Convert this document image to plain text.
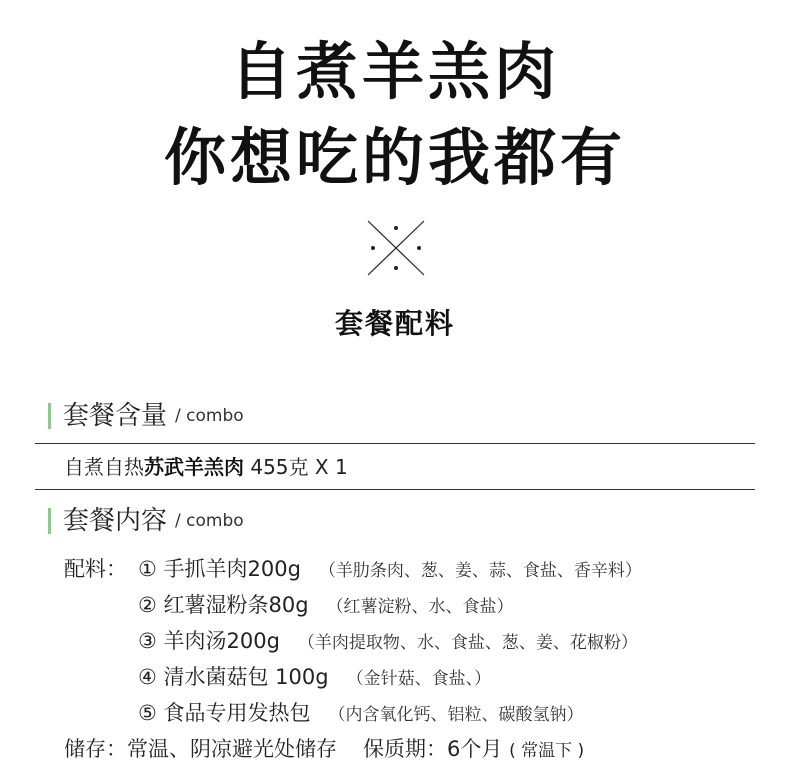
自煮羊羔肉
你想吃的我都有
套餐配料
套餐含量 / combo
自煮自热苏武羊羔肉 455克 X 1
套餐内容 / combo
配料： ① 手抓羊肉200g （羊肋条肉、葱、姜、蒜、食盐、香辛料）
② 红薯湿粉条80g （红薯淀粉、水、食盐）
③ 羊肉汤200g （羊肉提取物、水、食盐、葱、姜、花椒粉）
④ 清水菌菇包 100g （金针菇、食盐、）
⑤ 食品专用发热包 （内含氧化钙、铝粒、碳酸氢钠）
储存：常温、阴凉避光处储存 保质期：6个月 ( 常温下 )
